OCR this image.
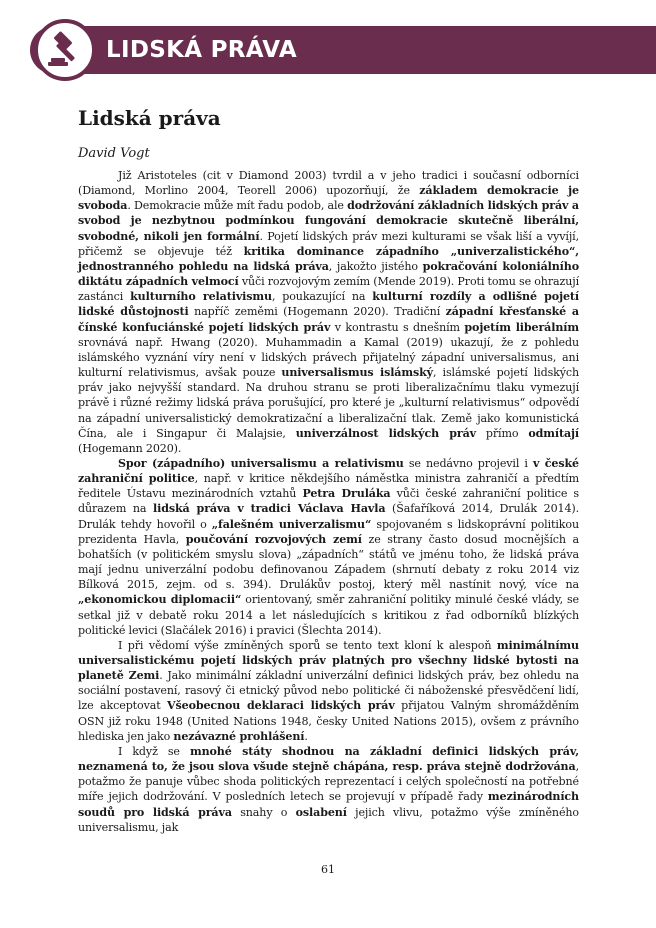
LIDSKÁ PRÁVA
Lidská práva
David Vogt

Již Aristoteles (cit v Diamond 2003) tvrdil a v jeho tradici i současní odborníci (Diamond, Morlino 2004, Teorell 2006) upozorňují, že základem demokracie je svoboda. Demokracie může mít řadu podob, ale dodržování základních lidských práv a svobod je nezbytnou podmínkou fungování demokracie skutečně liberální, svobodné, nikoli jen formální. Pojetí lidských práv mezi kulturami se však liší a vyvíjí, přičemž se objevuje též kritika dominance západního „univerzalistického“, jednostranného pohledu na lidská práva, jakožto jistého pokračování koloniálního diktátu západních velmocí vůči rozvojovým zemím (Mende 2019). Proti tomu se ohrazují zastánci kulturního relativismu, poukazující na kulturní rozdíly a odlišné pojetí lidské důstojnosti napříč zeměmi (Hogemann 2020). Tradiční západní křesťanské a čínské konfuciánské pojetí lidských práv v kontrastu s dnešním pojetím liberálním srovnává např. Hwang (2020). Muhammadin a Kamal (2019) ukazují, že z pohledu islámského vyznání víry není v lidských právech přijatelný západní universalismus, ani kulturní relativismus, avšak pouze universalismus islámský, islámské pojetí lidských práv jako nejvyšší standard. Na druhou stranu se proti liberalizačnímu tlaku vymezují právě i různé režimy lidská práva porušující, pro které je „kulturní relativismus“ odpovědí na západní universalistický demokratizační a liberalizační tlak. Země jako komunistická Čína, ale i Singapur či Malajsie, univerzálnost lidských práv přímo odmítají (Hogemann 2020).

Spor (západního) universalismu a relativismu se nedávno projevil i v české zahraniční politice, např. v kritice někdejšího náměstka ministra zahraničí a předtím ředitele Ústavu mezinárodních vztahů Petra Druláka vůči české zahraniční politice s důrazem na lidská práva v tradici Václava Havla (Šafaříková 2014, Drulák 2014). Drulák tehdy hovořil o „falešném univerzalismu“ spojovaném s lidskoprávní politikou prezidenta Havla, poučování rozvojových zemí ze strany často dosud mocnějších a bohatších (v politickém smyslu slova) „západních“ států ve jménu toho, že lidská práva mají jednu univerzální podobu definovanou Západem (shrnutí debaty z roku 2014 viz Bílková 2015, zejm. od s. 394). Drulákův postoj, který měl nastínit nový, více na „ekonomickou diplomacii“ orientovaný, směr zahraniční politiky minulé české vlády, se setkal již v debatě roku 2014 a let následujících s kritikou z řad odborníků blízkých politické levici (Slačálek 2016) i pravici (Šlechta 2014).

I při vědomí výše zmíněných sporů se tento text kloní k alespoň minimálnímu universalistickému pojetí lidských práv platných pro všechny lidské bytosti na planetě Zemi. Jako minimální základní univerzální definici lidských práv, bez ohledu na sociální postavení, rasový či etnický původ nebo politické či náboženské přesvědčení lidí, lze akceptovat Všeobecnou deklaraci lidských práv přijatou Valným shromážděním OSN již roku 1948 (United Nations 1948, česky United Nations 2015), ovšem z právního hlediska jen jako nezávazné prohlášení.

I když se mnohé státy shodnou na základní definici lidských práv, neznamená to, že jsou slova všude stejně chápána, resp. práva stejně dodržována, potažmo že panuje vůbec shoda politických reprezentací i celých společností na potřebné míře jejich dodržování. V posledních letech se projevují v případě řady mezinárodních soudů pro lidská práva snahy o oslabení jejich vlivu, potažmo výše zmíněného universalismu, jak

61
